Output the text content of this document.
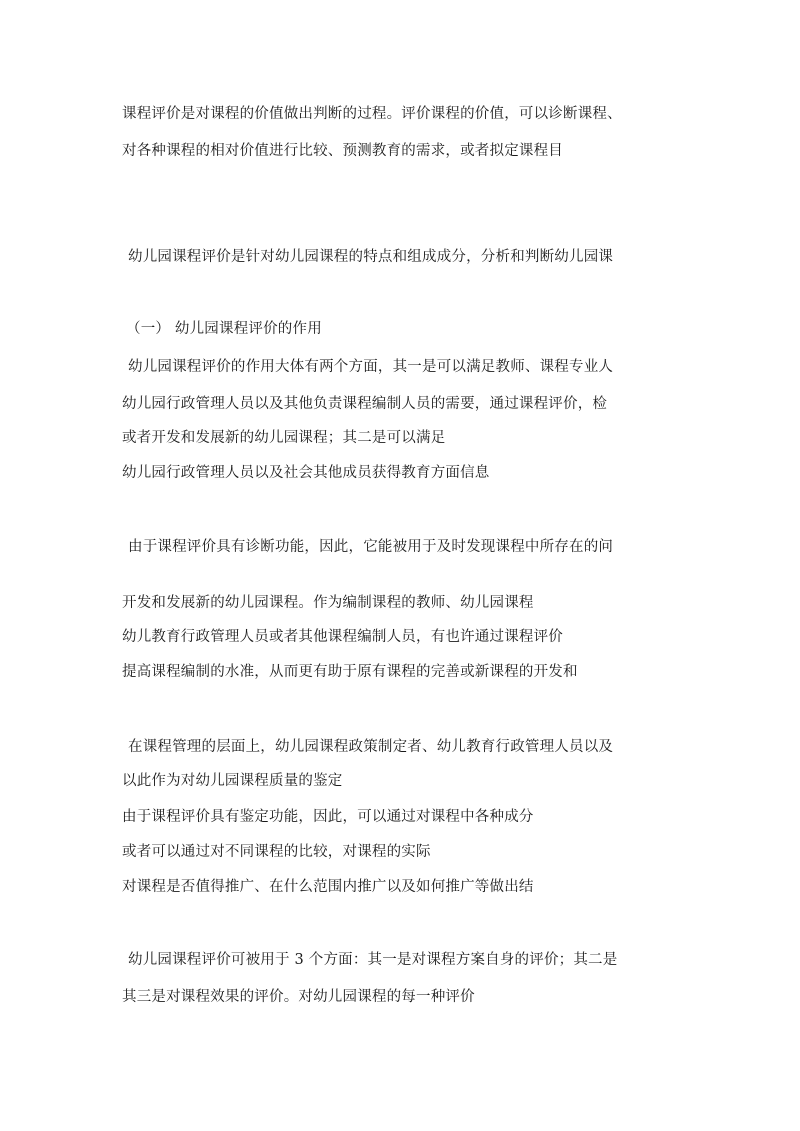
课程评价是对课程的价值做出判断的过程。评价课程的价值，可以诊断课程、
对各种课程的相对价值进行比较、预测教育的需求，或者拟定课程目
幼儿园课程评价是针对幼儿园课程的特点和组成成分，分析和判断幼儿园课
（一） 幼儿园课程评价的作用
幼儿园课程评价的作用大体有两个方面，其一是可以满足教师、课程专业人
幼儿园行政管理人员以及其他负责课程编制人员的需要，通过课程评价，检
或者开发和发展新的幼儿园课程；其二是可以满足
幼儿园行政管理人员以及社会其他成员获得教育方面信息
由于课程评价具有诊断功能，因此，它能被用于及时发现课程中所存在的问
开发和发展新的幼儿园课程。作为编制课程的教师、幼儿园课程
幼儿教育行政管理人员或者其他课程编制人员，有也许通过课程评价
提高课程编制的水准，从而更有助于原有课程的完善或新课程的开发和
在课程管理的层面上，幼儿园课程政策制定者、幼儿教育行政管理人员以及
以此作为对幼儿园课程质量的鉴定
由于课程评价具有鉴定功能，因此，可以通过对课程中各种成分
或者可以通过对不同课程的比较，对课程的实际
对课程是否值得推广、在什么范围内推广以及如何推广等做出结
幼儿园课程评价可被用于 3 个方面：其一是对课程方案自身的评价；其二是
其三是对课程效果的评价。对幼儿园课程的每一种评价
